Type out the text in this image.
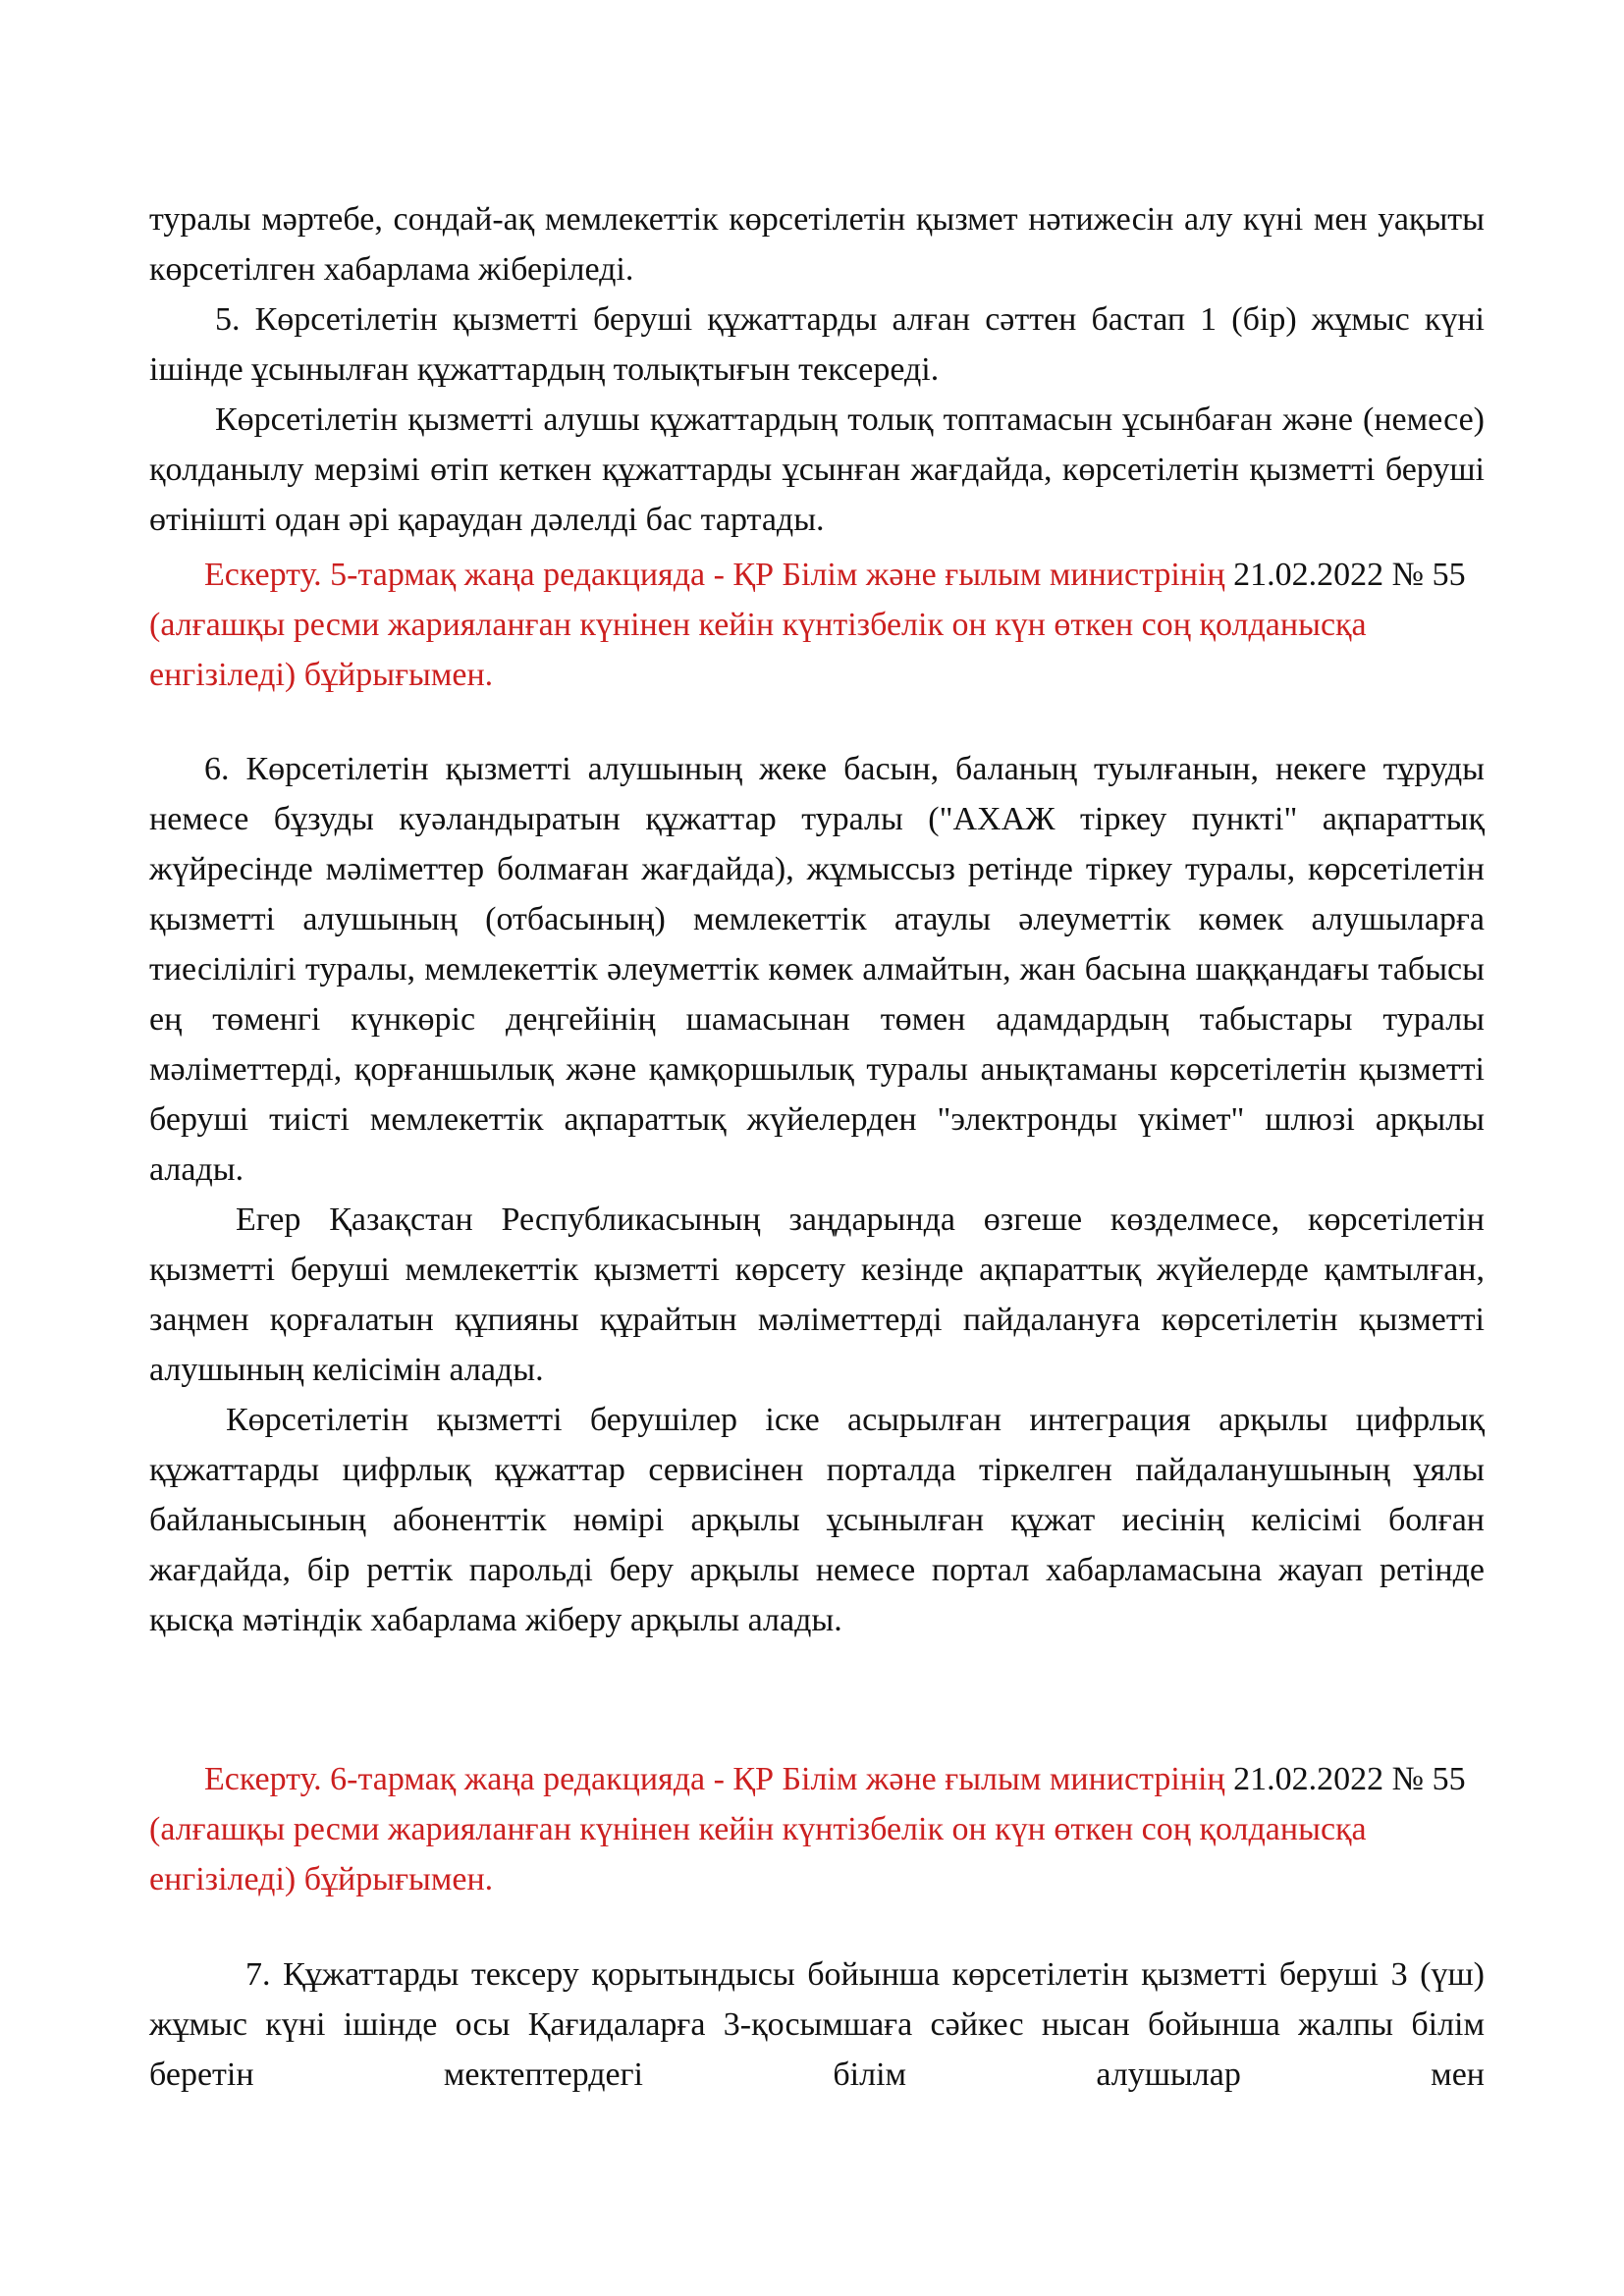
туралы мәртебе, сондай-ақ мемлекеттік көрсетілетін қызмет нәтижесін алу күні мен уақыты көрсетілген хабарлама жіберіледі.

5. Көрсетілетін қызметті беруші құжаттарды алған сәттен бастап 1 (бір) жұмыс күні ішінде ұсынылған құжаттардың толықтығын тексереді.

Көрсетілетін қызметті алушы құжаттардың толық топтамасын ұсынбаған және (немесе) қолданылу мерзімі өтіп кеткен құжаттарды ұсынған жағдайда, көрсетілетін қызметті беруші өтінішті одан әрі қараудан дәлелді бас тартады.

Ескерту. 5-тармақ жаңа редакцияда - ҚР Білім және ғылым министрінің 21.02.2022 № 55 (алғашқы ресми жарияланған күнінен кейін күнтізбелік он күн өткен соң қолданысқа енгізіледі) бұйрығымен.

6. Көрсетілетін қызметті алушының жеке басын, баланың туылғанын, некеге тұруды немесе бұзуды куәландыратын құжаттар туралы ("АХАЖ тіркеу пункті" ақпараттық жүйресінде мәліметтер болмаған жағдайда), жұмыссыз ретінде тіркеу туралы, көрсетілетін қызметті алушының (отбасының) мемлекеттік атаулы әлеуметтік көмек алушыларға тиесілілігі туралы, мемлекеттік әлеуметтік көмек алмайтын, жан басына шаққандағы табысы ең төменгі күнкөріс деңгейінің шамасынан төмен адамдардың табыстары туралы мәліметтерді, қорғаншылық және қамқоршылық туралы анықтаманы көрсетілетін қызметті беруші тиісті мемлекеттік ақпараттық жүйелерден "электронды үкімет" шлюзі арқылы алады.

Егер Қазақстан Республикасының заңдарында өзгеше көзделмесе, көрсетілетін қызметті беруші мемлекеттік қызметті көрсету кезінде ақпараттық жүйелерде қамтылған, заңмен қорғалатын құпияны құрайтын мәліметтерді пайдалануға көрсетілетін қызметті алушының келісімін алады.

Көрсетілетін қызметті берушілер іске асырылған интеграция арқылы цифрлық құжаттарды цифрлық құжаттар сервисінен порталда тіркелген пайдаланушының ұялы байланысының абоненттік нөмірі арқылы ұсынылған құжат иесінің келісімі болған жағдайда, бір реттік парольді беру арқылы немесе портал хабарламасына жауап ретінде қысқа мәтіндік хабарлама жіберу арқылы алады.

Ескерту. 6-тармақ жаңа редакцияда - ҚР Білім және ғылым министрінің 21.02.2022 № 55 (алғашқы ресми жарияланған күнінен кейін күнтізбелік он күн өткен соң қолданысқа енгізіледі) бұйрығымен.

7. Құжаттарды тексеру қорытындысы бойынша көрсетілетін қызметті беруші 3 (үш) жұмыс күні ішінде осы Қағидаларға 3-қосымшаға сәйкес нысан бойынша жалпы білім беретін мектептердегі білім алушылар мен
